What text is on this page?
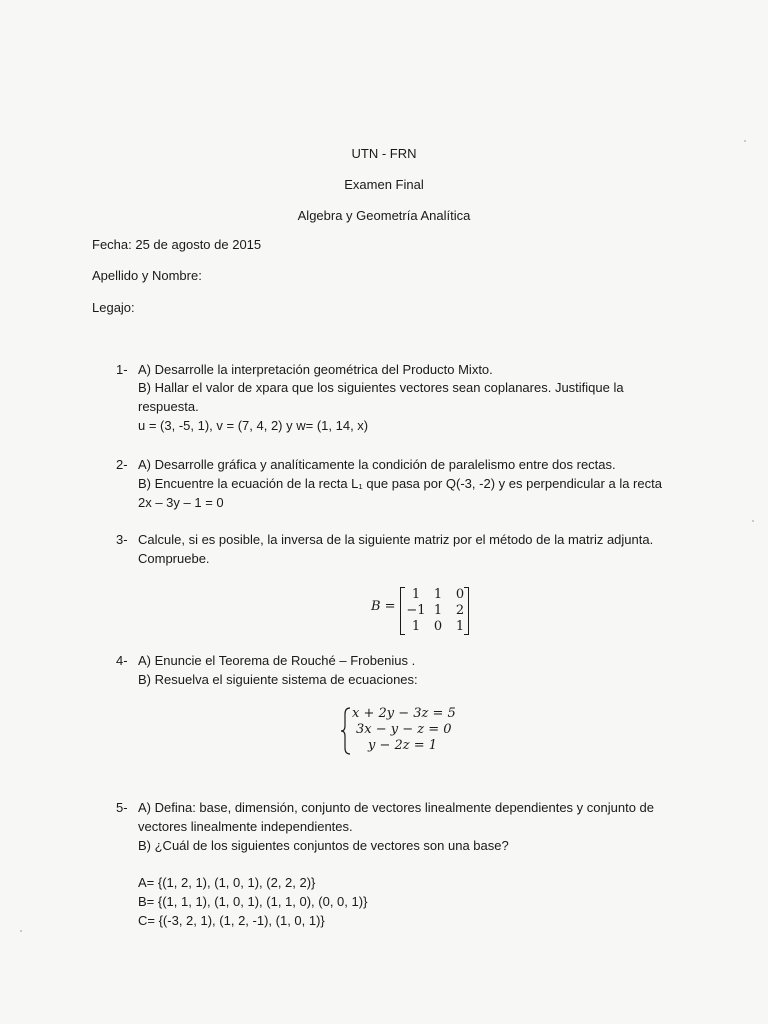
UTN - FRN
Examen Final
Algebra y Geometría Analítica
Fecha: 25 de agosto de 2015
Apellido y Nombre:
Legajo:
1- A) Desarrolle la interpretación geométrica del Producto Mixto.
B) Hallar el valor de xpara que los siguientes vectores sean coplanares. Justifique la
respuesta.
u = (3, -5, 1), v = (7, 4, 2) y w= (1, 14, x)
2- A) Desarrolle gráfica y analíticamente la condición de paralelismo entre dos rectas.
B) Encuentre la ecuación de la recta L₁ que pasa por Q(-3, -2) y es perpendicular a la recta
2x – 3y – 1 = 0
3- Calcule, si es posible, la inversa de la siguiente matriz por el método de la matriz adjunta.
Compruebe.
B =
1	1	0
−1 1	2
1	0	1
4- A) Enuncie el Teorema de Rouché – Frobenius .
B) Resuelva el siguiente sistema de ecuaciones:
x + 2y − 3z = 5
3x − y − z = 0
y − 2z = 1
5- A) Defina: base, dimensión, conjunto de vectores linealmente dependientes y conjunto de
vectores linealmente independientes.
B) ¿Cuál de los siguientes conjuntos de vectores son una base?
A= {(1, 2, 1), (1, 0, 1), (2, 2, 2)}
B= {(1, 1, 1), (1, 0, 1), (1, 1, 0), (0, 0, 1)}
C= {(-3, 2, 1), (1, 2, -1), (1, 0, 1)}
